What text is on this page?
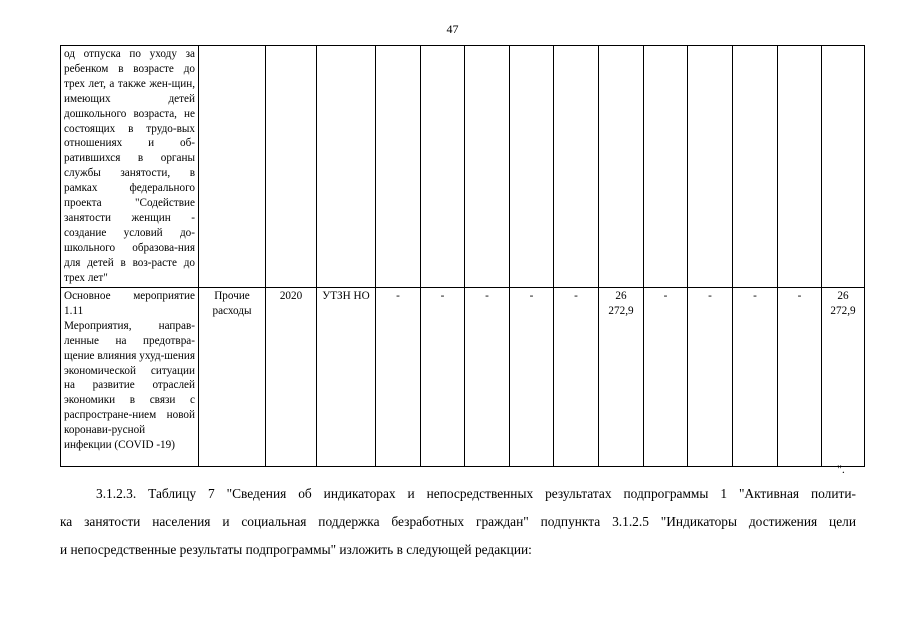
47
од отпуска по уходу за ребенком в возрасте до трех лет, а также жен-щин, имеющих детей дошкольного возраста, не состоящих в трудо-вых отношениях и об-ратившихся в органы службы занятости, в рамках федерального проекта "Содействие занятости женщин - создание условий до-школьного образова-ния для детей в воз-расте до трех лет"														
Основное мероприятие 1.11
Мероприятия, направ-ленные на предотвра-щение влияния ухуд-шения экономической ситуации на развитие отраслей экономики в связи с распростране-нием новой коронави-русной инфекции (COVID -19)	Прочие расходы	2020	УТЗН НО	-	-	-	-	-	26 272,9	-	-	-	-	26 272,9
".
3.1.2.3. Таблицу 7 "Сведения об индикаторах и непосредственных результатах подпрограммы 1 "Активная полити-
ка занятости населения и социальная поддержка безработных граждан" подпункта 3.1.2.5 "Индикаторы достижения цели
и непосредственные результаты подпрограммы" изложить в следующей редакции:
